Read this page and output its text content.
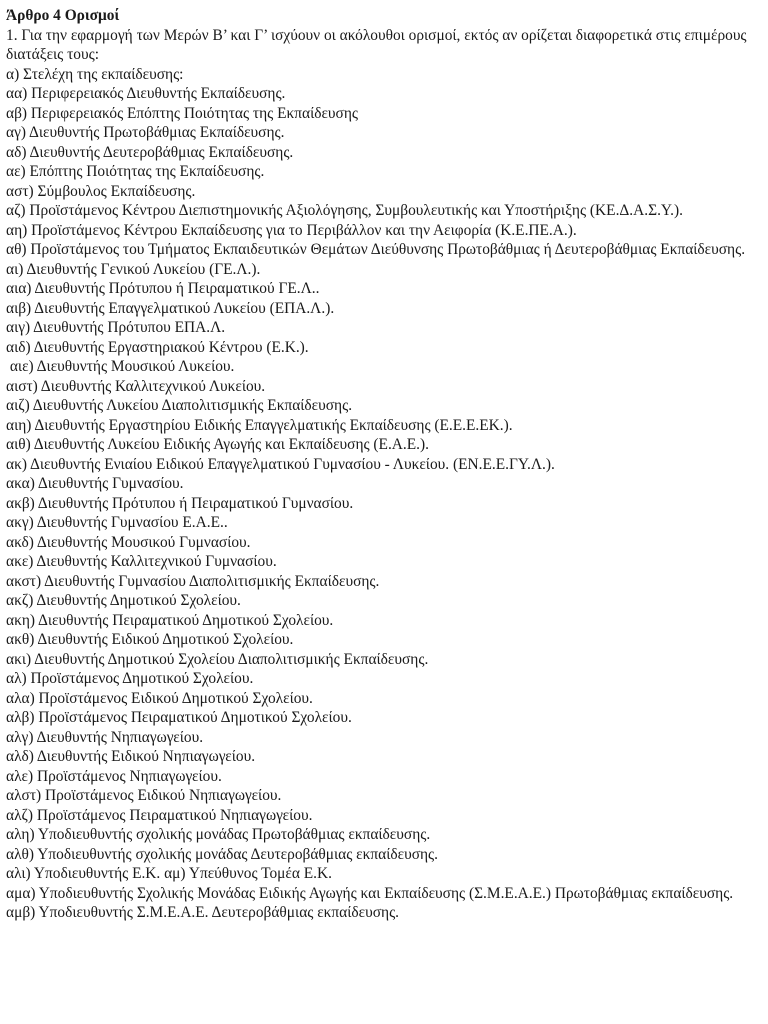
Άρθρο 4 Ορισμοί

1. Για την εφαρμογή των Μερών Β’ και Γ’ ισχύουν οι ακόλουθοι ορισμοί, εκτός αν ορίζεται διαφορετικά στις επιμέρους διατάξεις τους:

α) Στελέχη της εκπαίδευσης:

αα) Περιφερειακός Διευθυντής Εκπαίδευσης.

αβ) Περιφερειακός Επόπτης Ποιότητας της Εκπαίδευσης

αγ) Διευθυντής Πρωτοβάθμιας Εκπαίδευσης.

αδ) Διευθυντής Δευτεροβάθμιας Εκπαίδευσης.

αε) Επόπτης Ποιότητας της Εκπαίδευσης.

αστ) Σύμβουλος Εκπαίδευσης.

αζ) Προϊστάμενος Κέντρου Διεπιστημονικής Αξιολόγησης, Συμβουλευτικής και Υποστήριξης (ΚΕ.Δ.Α.Σ.Υ.).

αη) Προϊστάμενος Κέντρου Εκπαίδευσης για το Περιβάλλον και την Αειφορία (Κ.Ε.ΠΕ.Α.).

αθ) Προϊστάμενος του Τμήματος Εκπαιδευτικών Θεμάτων Διεύθυνσης Πρωτοβάθμιας ή Δευτεροβάθμιας Εκπαίδευσης.

αι) Διευθυντής Γενικού Λυκείου (ΓΕ.Λ.).

αια) Διευθυντής Πρότυπου ή Πειραματικού ΓΕ.Λ..

αιβ) Διευθυντής Επαγγελματικού Λυκείου (ΕΠΑ.Λ.).

αιγ) Διευθυντής Πρότυπου ΕΠΑ.Λ.

αιδ) Διευθυντής Εργαστηριακού Κέντρου (Ε.Κ.).

αιε) Διευθυντής Μουσικού Λυκείου.

αιστ) Διευθυντής Καλλιτεχνικού Λυκείου.

αιζ) Διευθυντής Λυκείου Διαπολιτισμικής Εκπαίδευσης.

αιη) Διευθυντής Εργαστηρίου Ειδικής Επαγγελματικής Εκπαίδευσης (Ε.Ε.Ε.ΕΚ.).

αιθ) Διευθυντής Λυκείου Ειδικής Αγωγής και Εκπαίδευσης (Ε.Α.Ε.).

ακ) Διευθυντής Ενιαίου Ειδικού Επαγγελματικού Γυμνασίου - Λυκείου. (ΕΝ.Ε.Ε.ΓΥ.Λ.).

ακα) Διευθυντής Γυμνασίου.

ακβ) Διευθυντής Πρότυπου ή Πειραματικού Γυμνασίου.

ακγ) Διευθυντής Γυμνασίου Ε.Α.Ε..

ακδ) Διευθυντής Μουσικού Γυμνασίου.

ακε) Διευθυντής Καλλιτεχνικού Γυμνασίου.

ακστ) Διευθυντής Γυμνασίου Διαπολιτισμικής Εκπαίδευσης.

ακζ) Διευθυντής Δημοτικού Σχολείου.

ακη) Διευθυντής Πειραματικού Δημοτικού Σχολείου.

ακθ) Διευθυντής Ειδικού Δημοτικού Σχολείου.

ακι) Διευθυντής Δημοτικού Σχολείου Διαπολιτισμικής Εκπαίδευσης.

αλ) Προϊστάμενος Δημοτικού Σχολείου.

αλα) Προϊστάμενος Ειδικού Δημοτικού Σχολείου.

αλβ) Προϊστάμενος Πειραματικού Δημοτικού Σχολείου.

αλγ) Διευθυντής Νηπιαγωγείου.

αλδ) Διευθυντής Ειδικού Νηπιαγωγείου.

αλε) Προϊστάμενος Νηπιαγωγείου.

αλστ) Προϊστάμενος Ειδικού Νηπιαγωγείου.

αλζ) Προϊστάμενος Πειραματικού Νηπιαγωγείου.

αλη) Υποδιευθυντής σχολικής μονάδας Πρωτοβάθμιας εκπαίδευσης.

αλθ) Υποδιευθυντής σχολικής μονάδας Δευτεροβάθμιας εκπαίδευσης.

αλι) Υποδιευθυντής Ε.Κ. αμ) Υπεύθυνος Τομέα Ε.Κ.

αμα) Υποδιευθυντής Σχολικής Μονάδας Ειδικής Αγωγής και Εκπαίδευσης (Σ.Μ.Ε.Α.Ε.) Πρωτοβάθμιας εκπαίδευσης.

αμβ) Υποδιευθυντής Σ.Μ.Ε.Α.Ε. Δευτεροβάθμιας εκπαίδευσης.
